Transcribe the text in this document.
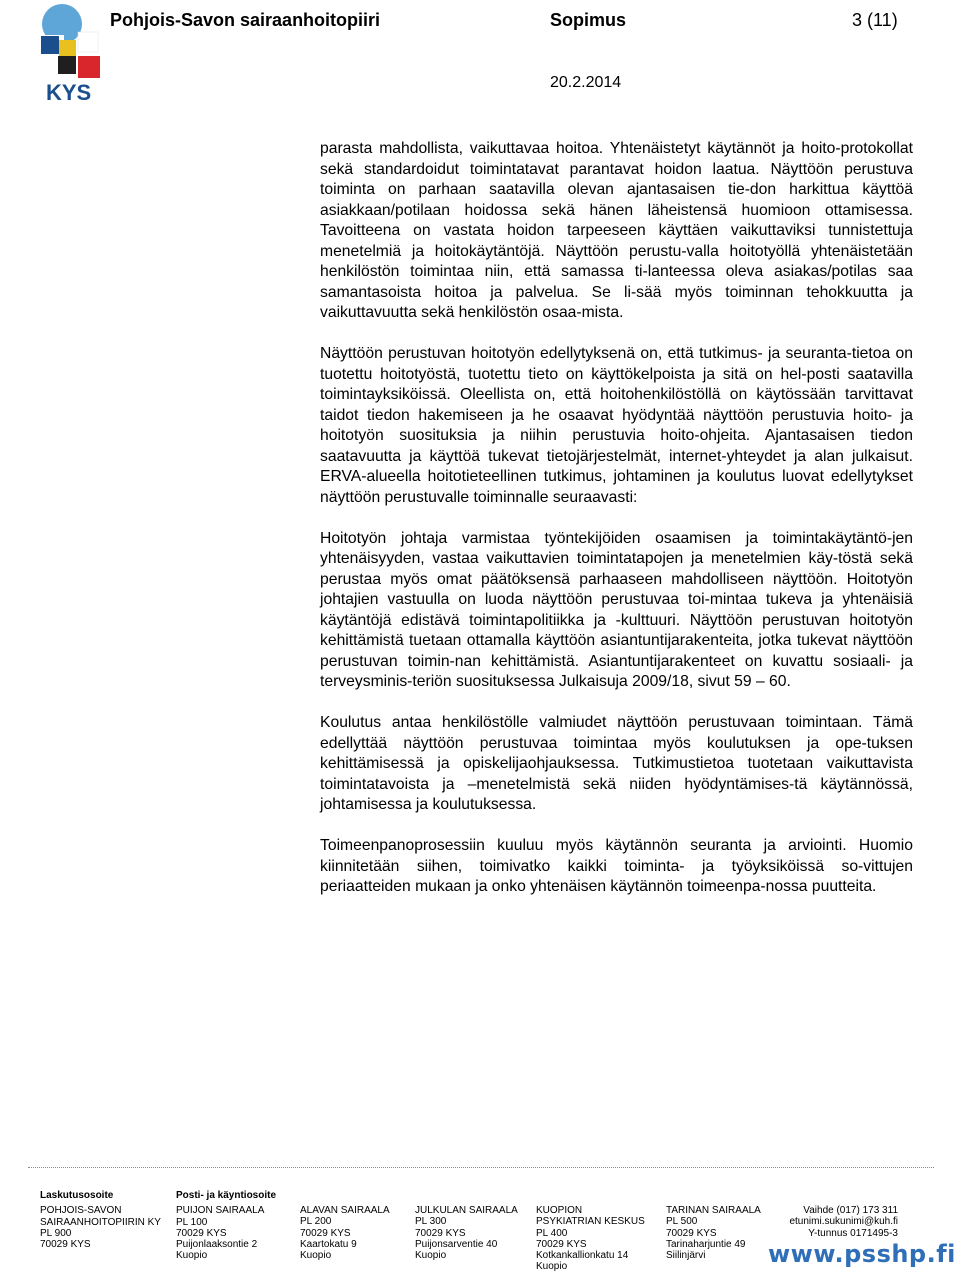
KYS
Pohjois-Savon sairaanhoitopiiri	Sopimus	3 (11)
20.2.2014

parasta mahdollista, vaikuttavaa hoitoa. Yhtenäistetyt käytännöt ja hoito-protokollat sekä standardoidut toimintatavat parantavat hoidon laatua. Näyttöön perustuva toiminta on parhaan saatavilla olevan ajantasaisen tie-don harkittua käyttöä asiakkaan/potilaan hoidossa sekä hänen läheistensä huomioon ottamisessa. Tavoitteena on vastata hoidon tarpeeseen käyttäen vaikuttaviksi tunnistettuja menetelmiä ja hoitokäytäntöjä. Näyttöön perustu-valla hoitotyöllä yhtenäistetään henkilöstön toimintaa niin, että samassa ti-lanteessa oleva asiakas/potilas saa samantasoista hoitoa ja palvelua. Se li-sää myös toiminnan tehokkuutta ja vaikuttavuutta sekä henkilöstön osaa-mista.

Näyttöön perustuvan hoitotyön edellytyksenä on, että tutkimus- ja seuranta-tietoa on tuotettu hoitotyöstä, tuotettu tieto on käyttökelpoista ja sitä on hel-posti saatavilla toimintayksiköissä. Oleellista on, että hoitohenkilöstöllä on käytössään tarvittavat taidot tiedon hakemiseen ja he osaavat hyödyntää näyttöön perustuvia hoito- ja hoitotyön suosituksia ja niihin perustuvia hoito-ohjeita. Ajantasaisen tiedon saatavuutta ja käyttöä tukevat tietojärjestelmät, internet-yhteydet ja alan julkaisut. ERVA-alueella hoitotieteellinen tutkimus, johtaminen ja koulutus luovat edellytykset näyttöön perustuvalle toiminnalle seuraavasti:

Hoitotyön johtaja varmistaa työntekijöiden osaamisen ja toimintakäytäntö-jen yhtenäisyyden, vastaa vaikuttavien toimintatapojen ja menetelmien käy-töstä sekä perustaa myös omat päätöksensä parhaaseen mahdolliseen näyttöön. Hoitotyön johtajien vastuulla on luoda näyttöön perustuvaa toi-mintaa tukeva ja yhtenäisiä käytäntöjä edistävä toimintapolitiikka ja -kulttuuri. Näyttöön perustuvan hoitotyön kehittämistä tuetaan ottamalla käyttöön asiantuntijarakenteita, jotka tukevat näyttöön perustuvan toimin-nan kehittämistä. Asiantuntijarakenteet on kuvattu sosiaali- ja terveysminis-teriön suosituksessa Julkaisuja 2009/18, sivut 59 – 60.

Koulutus antaa henkilöstölle valmiudet näyttöön perustuvaan toimintaan. Tämä edellyttää näyttöön perustuvaa toimintaa myös koulutuksen ja ope-tuksen kehittämisessä ja opiskelijaohjauksessa. Tutkimustietoa tuotetaan vaikuttavista toimintatavoista ja –menetelmistä sekä niiden hyödyntämises-tä käytännössä, johtamisessa ja koulutuksessa.

Toimeenpanoprosessiin kuuluu myös käytännön seuranta ja arviointi. Huomio kiinnitetään siihen, toimivatko kaikki toiminta- ja työyksiköissä so-vittujen periaatteiden mukaan ja onko yhtenäisen käytännön toimeenpa-nossa puutteita.

Laskutusosoite
POHJOIS-SAVON
SAIRAANHOITOPIIRIN KY
PL 900
70029 KYS
Posti- ja käyntiosoite
PUIJON SAIRAALA
PL 100
70029 KYS
Puijonlaaksontie 2
Kuopio
ALAVAN SAIRAALA
PL 200
70029 KYS
Kaartokatu 9
Kuopio
JULKULAN SAIRAALA
PL 300
70029 KYS
Puijonsarventie 40
Kuopio
KUOPION
PSYKIATRIAN KESKUS
PL 400
70029 KYS
Kotkankallionkatu 14
Kuopio
TARINAN SAIRAALA
PL 500
70029 KYS
Tarinaharjuntie 49
Siilinjärvi
Vaihde (017) 173 311
etunimi.sukunimi@kuh.fi
Y-tunnus 0171495-3
www.psshp.fi
